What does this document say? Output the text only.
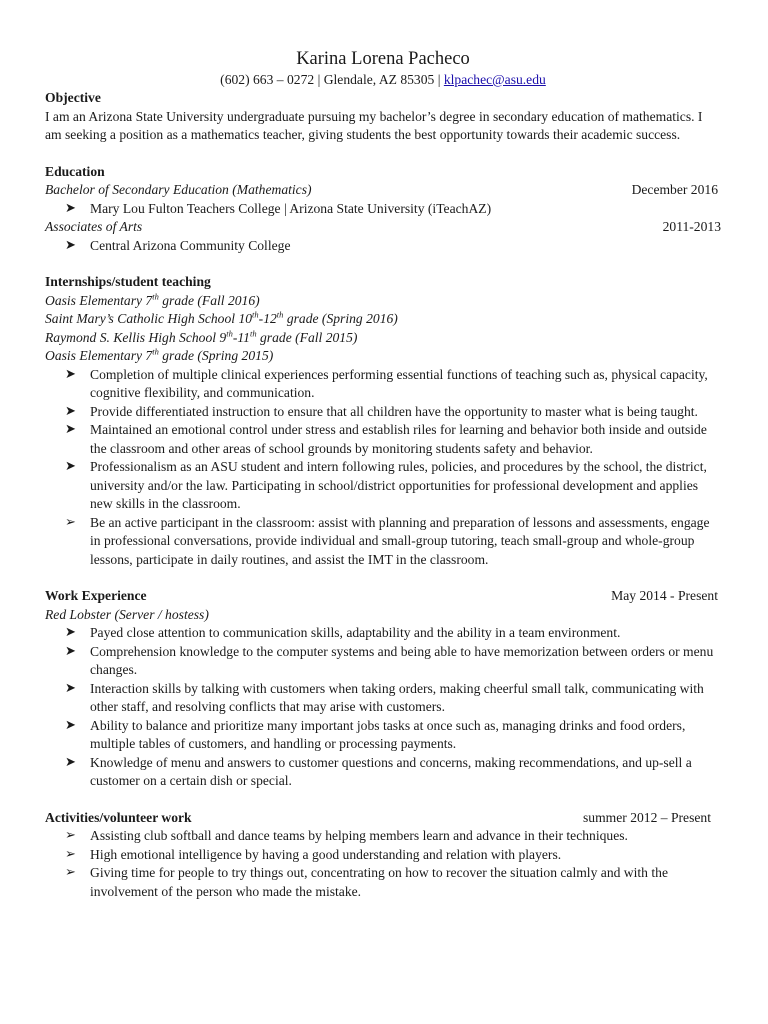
Karina Lorena Pacheco
(602) 663 – 0272 | Glendale, AZ 85305 | klpachec@asu.edu
Objective

I am an Arizona State University undergraduate pursuing my bachelor’s degree in secondary education of mathematics. I am seeking a position as a mathematics teacher, giving students the best opportunity towards their academic success.

Education
Bachelor of Secondary Education (Mathematics)	December 2016
➤	Mary Lou Fulton Teachers College | Arizona State University (iTeachAZ)
Associates of Arts	2011-2013
➤	Central Arizona Community College
Internships/student teaching
Oasis Elementary 7th grade (Fall 2016)
Saint Mary’s Catholic High School 10th-12th grade (Spring 2016)
Raymond S. Kellis High School 9th-11th grade (Fall 2015)
Oasis Elementary 7th grade (Spring 2015)
➤	Completion of multiple clinical experiences performing essential functions of teaching such as, physical capacity, cognitive flexibility, and communication.
➤	Provide differentiated instruction to ensure that all children have the opportunity to master what is being taught.
➤	Maintained an emotional control under stress and establish riles for learning and behavior both inside and outside the classroom and other areas of school grounds by monitoring students safety and behavior.
➤	Professionalism as an ASU student and intern following rules, policies, and procedures by the school, the district, university and/or the law. Participating in school/district opportunities for professional development and applies new skills in the classroom.
➢	Be an active participant in the classroom: assist with planning and preparation of lessons and assessments, engage in professional conversations, provide individual and small-group tutoring, teach small-group and whole-group lessons, participate in daily routines, and assist the IMT in the classroom.
Work Experience	May 2014 - Present
Red Lobster (Server / hostess)
➤	Payed close attention to communication skills, adaptability and the ability in a team environment.
➤	Comprehension knowledge to the computer systems and being able to have memorization between orders or menu changes.
➤	Interaction skills by talking with customers when taking orders, making cheerful small talk, communicating with other staff, and resolving conflicts that may arise with customers.
➤	Ability to balance and prioritize many important jobs tasks at once such as, managing drinks and food orders, multiple tables of customers, and handling or processing payments.
➤	Knowledge of menu and answers to customer questions and concerns, making recommendations, and up-sell a customer on a certain dish or special.
Activities/volunteer work	summer 2012 – Present
➢	Assisting club softball and dance teams by helping members learn and advance in their techniques.
➢	High emotional intelligence by having a good understanding and relation with players.
➢	Giving time for people to try things out, concentrating on how to recover the situation calmly and with the involvement of the person who made the mistake.
